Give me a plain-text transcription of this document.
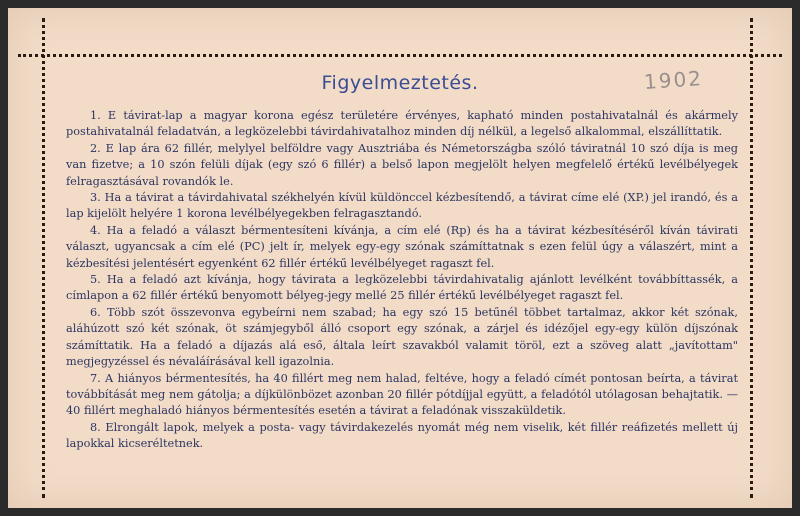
Figyelmeztetés.	1902

1. E távirat-lap a magyar korona egész területére érvényes, kapható minden postahivatalnál és akármely postahivatalnál feladatván, a legközelebbi távirdahivatalhoz minden díj nélkül, a legelső alkalommal, elszállíttatik.

2. E lap ára 62 fillér, melylyel belföldre vagy Ausztriába és Németországba szóló táviratnál 10 szó díja is meg van fizetve; a 10 szón felüli díjak (egy szó 6 fillér) a belső lapon megjelölt helyen megfelelő értékű levélbélyegek felragasztásával rovandók le.

3. Ha a távirat a távirdahivatal székhelyén kívül küldönccel kézbesítendő, a távirat címe elé (XP.) jel irandó, és a lap kijelölt helyére 1 korona levélbélyegekben felragasztandó.

4. Ha a feladó a választ bérmentesíteni kívánja, a cím elé (Rp) és ha a távirat kézbesítéséről kíván távirati választ, ugyancsak a cím elé (PC) jelt ír, melyek egy-egy szónak számíttatnak s ezen felül úgy a válaszért, mint a kézbesítési jelentésért egyenként 62 fillér értékű levélbélyeget ragaszt fel.

5. Ha a feladó azt kívánja, hogy távirata a legközelebbi távirdahivatalig ajánlott levélként továbbíttassék, a címlapon a 62 fillér értékű benyomott bélyeg-jegy mellé 25 fillér értékű levélbélyeget ragaszt fel.

6. Több szót összevonva egybeírni nem szabad; ha egy szó 15 betűnél többet tartalmaz, akkor két szónak, aláhúzott szó két szónak, öt számjegyből álló csoport egy szónak, a zárjel és idézőjel egy-egy külön díjszónak számíttatik. Ha a feladó a díjazás alá eső, általa leírt szavakból valamit töröl, ezt a szöveg alatt „javítottam" megjegyzéssel és névaláírásával kell igazolnia.

7. A hiányos bérmentesítés, ha 40 fillért meg nem halad, feltéve, hogy a feladó címét pontosan beírta, a távirat továbbítását meg nem gátolja; a díjkülönbözet azonban 20 fillér pótdíjjal együtt, a feladótól utólagosan behajtatik. — 40 fillért meghaladó hiányos bérmentesítés esetén a távirat a feladónak visszaküldetik.

8. Elrongált lapok, melyek a posta- vagy távirdakezelés nyomát még nem viselik, két fillér reáfizetés mellett új lapokkal kicseréltetnek.
